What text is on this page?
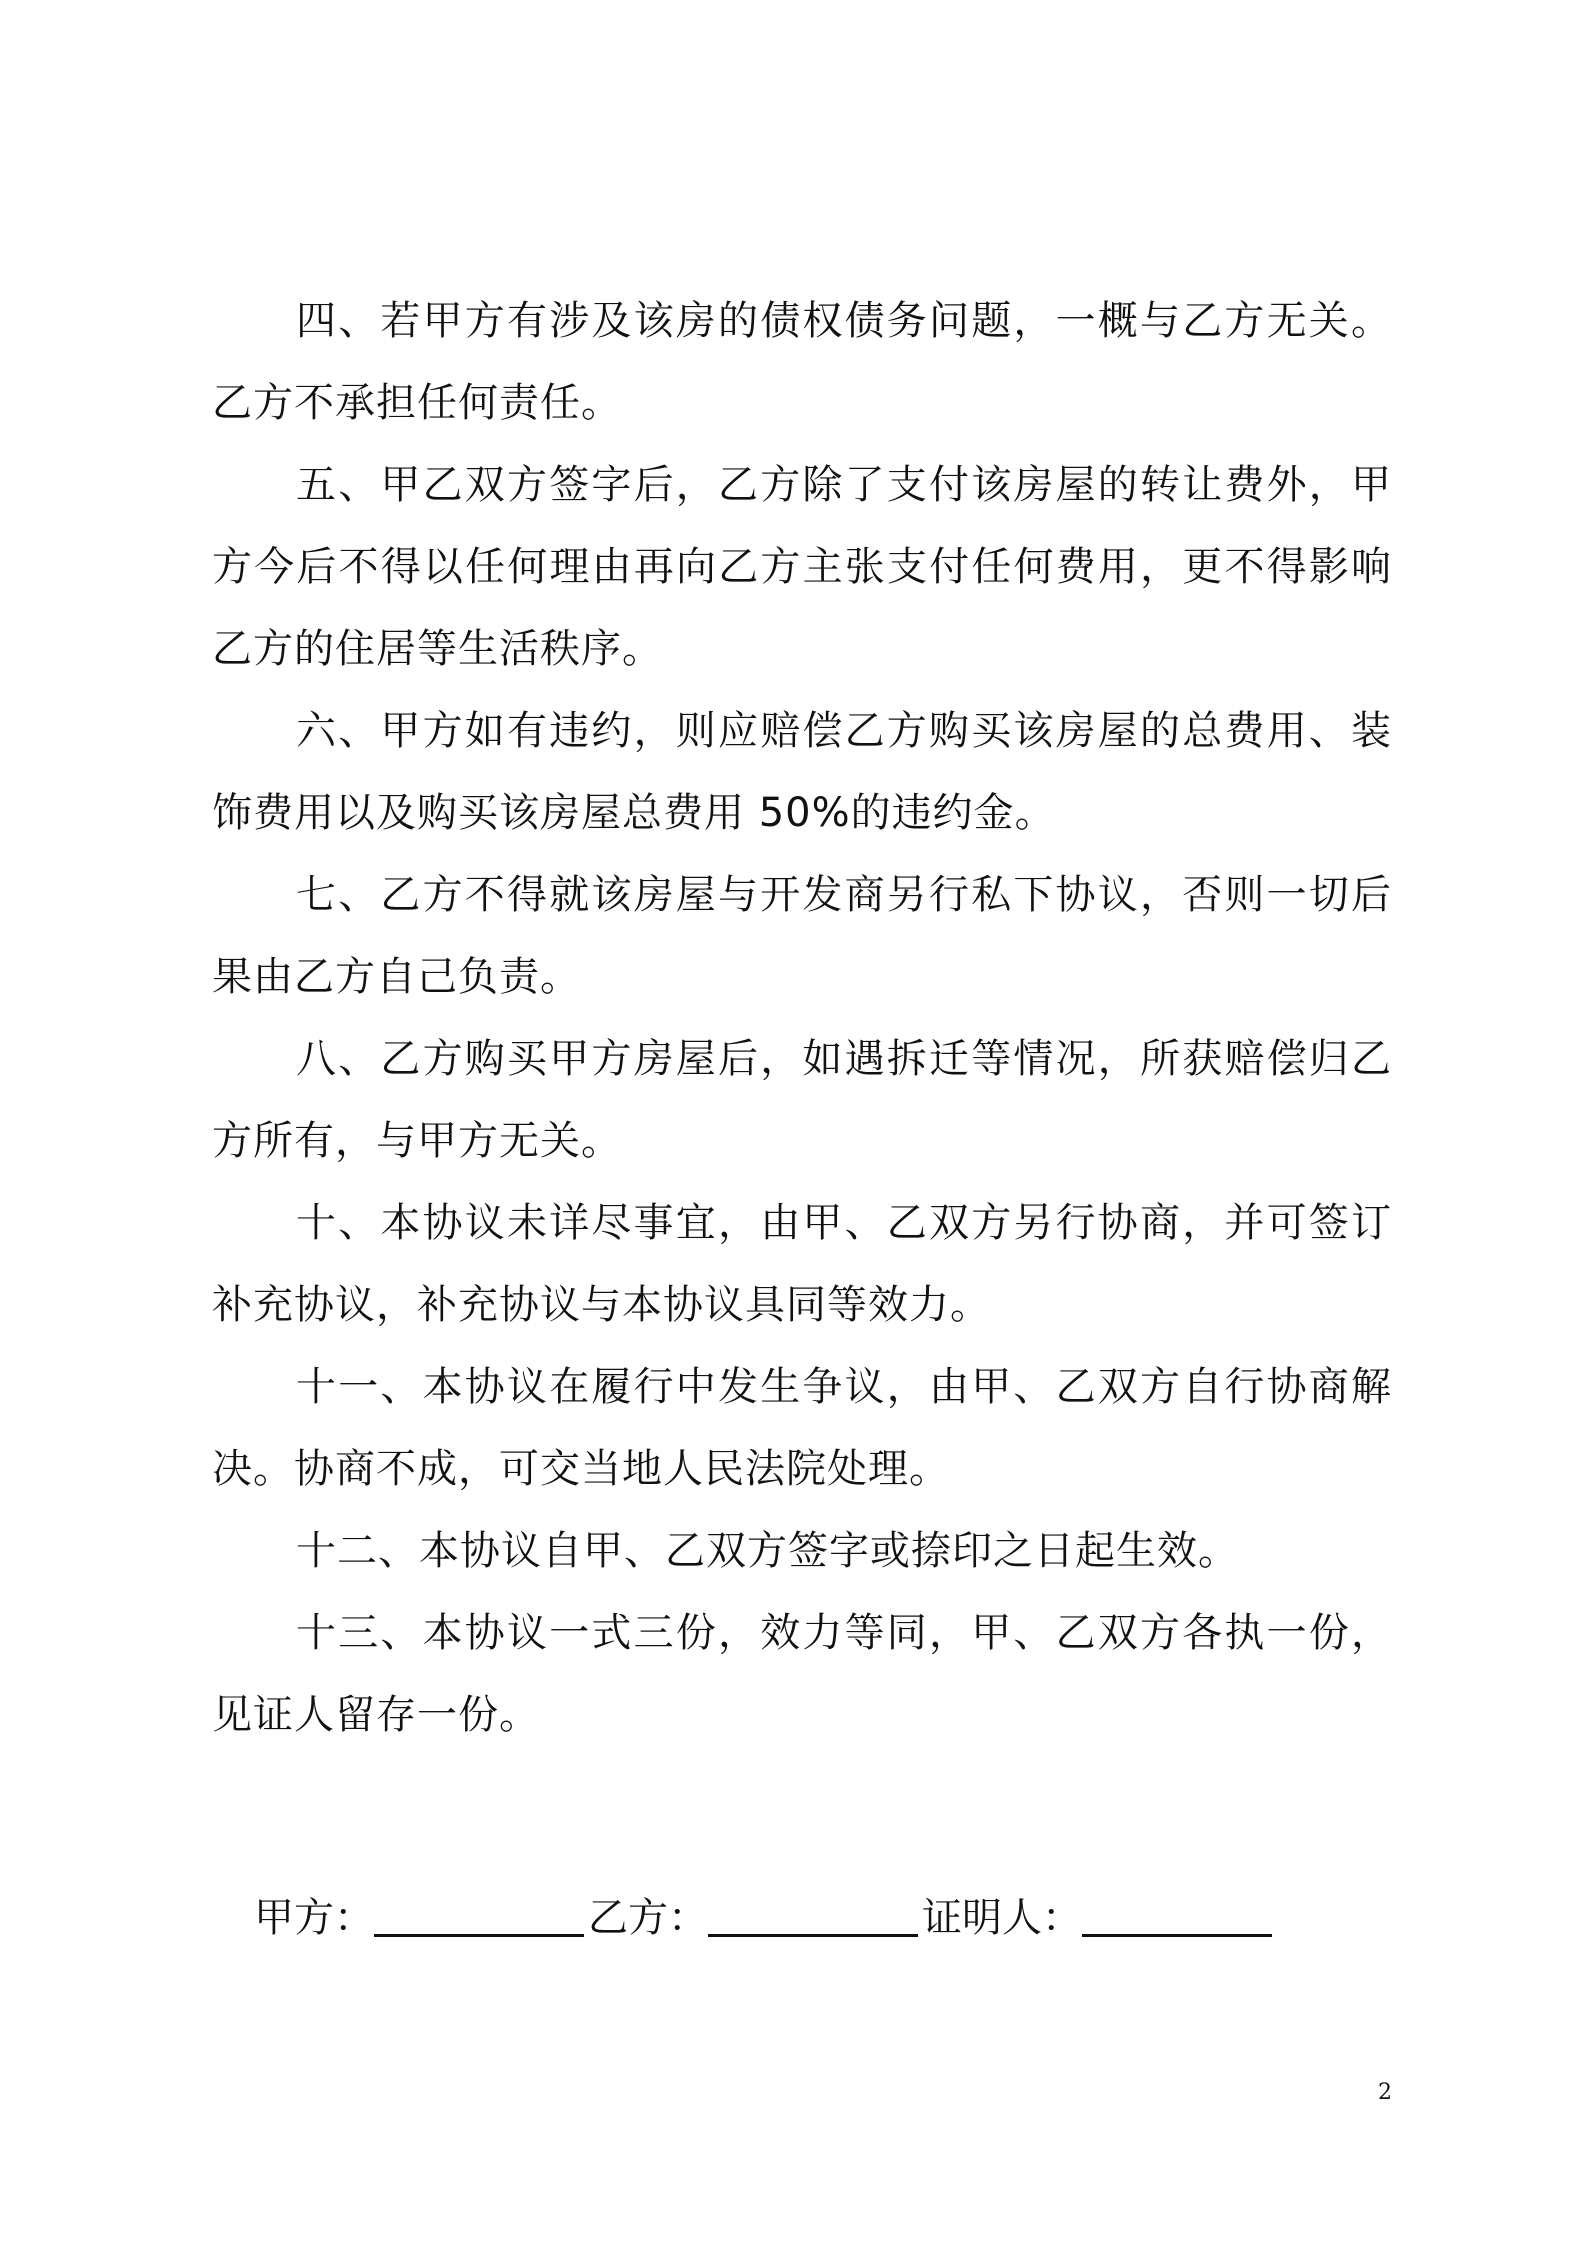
四、若甲方有涉及该房的债权债务问题，一概与乙方无关。乙方不承担任何责任。

五、甲乙双方签字后，乙方除了支付该房屋的转让费外，甲方今后不得以任何理由再向乙方主张支付任何费用，更不得影响乙方的住居等生活秩序。

六、甲方如有违约，则应赔偿乙方购买该房屋的总费用、装饰费用以及购买该房屋总费用 50%的违约金。

七、乙方不得就该房屋与开发商另行私下协议，否则一切后果由乙方自己负责。

八、乙方购买甲方房屋后，如遇拆迁等情况，所获赔偿归乙方所有，与甲方无关。

十、本协议未详尽事宜，由甲、乙双方另行协商，并可签订补充协议，补充协议与本协议具同等效力。

十一、本协议在履行中发生争议，由甲、乙双方自行协商解决。协商不成，可交当地人民法院处理。

十二、本协议自甲、乙双方签字或捺印之日起生效。

十三、本协议一式三份，效力等同，甲、乙双方各执一份，见证人留存一份。

甲方：	乙方：	证明人：
2
